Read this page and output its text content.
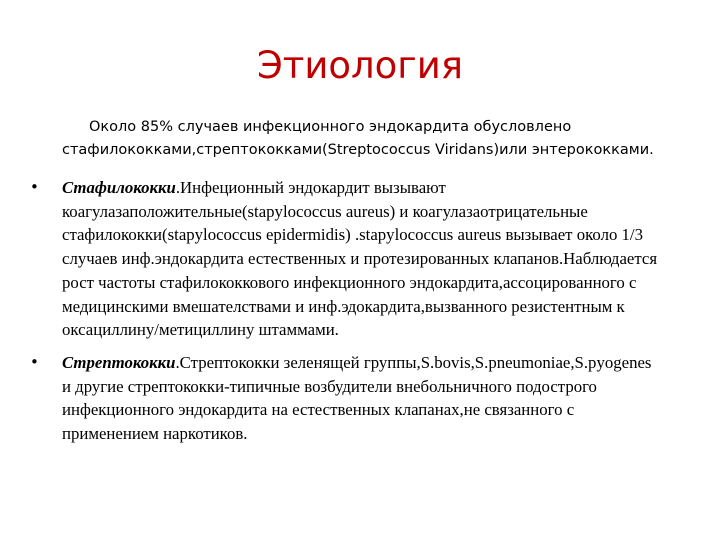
Этиология

Около 85% случаев инфекционного эндокардита обусловлено стафилококками,стрептококками(Streptococcus Viridans)или энтерококками.

• Стафилококки.Инфеционный эндокардит вызывают коагулазаположительные(stapylococcus aureus) и коагулазаотрицательные стафилококки(stapylococcus epidermidis) .stapylococcus aureus вызывает около 1/3 случаев инф.эндокардита естественных и протезированных клапанов.Наблюдается рост частоты стафилококкового инфекционного эндокардита,ассоцированного с медицинскими вмешателствами и инф.эдокардита,вызванного резистентным к оксациллину/метициллину штаммами.
• Стрептококки.Стрептококки зеленящей группы,S.bovis,S.pneumoniae,S.pyogenes и другие стрептококки-типичные возбудители внебольничного подострого инфекционного эндокардита на естественных клапанах,не связанного с применением наркотиков.
